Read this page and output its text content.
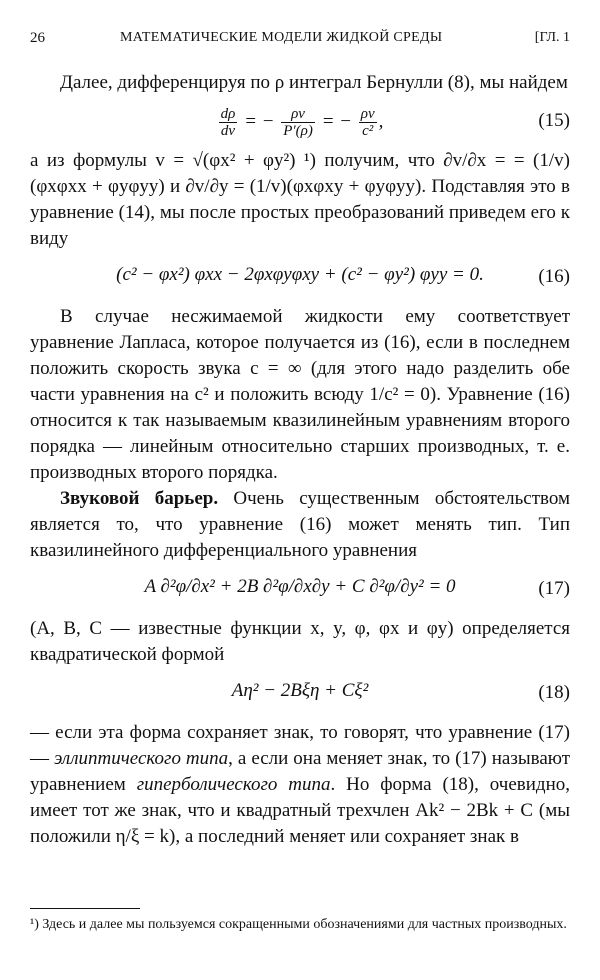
26	МАТЕМАТИЧЕСКИЕ МОДЕЛИ ЖИДКОЙ СРЕДЫ	[ГЛ. 1

Далее, дифференцируя по ρ интеграл Бернулли (8), мы найдем

$\frac{d\rho}{dv}$ = − $\frac{\rho v}{P'(\rho)}$ = − $\frac{\rho v}{\text{c²}}$ ,	(15)

а из формулы v = √(φx² + φy²) ¹) получим, что ∂v/∂x = = (1/v)(φxφxx + φyφyy) и ∂v/∂y = (1/v)(φxφxy + φyφyy). Подставляя это в уравнение (14), мы после простых преобразований приведем его к виду

(c² − φx²) φxx − 2φxφyφxy + (c² − φy²) φyy = 0.	(16)

В случае несжимаемой жидкости ему соответствует уравнение Лапласа, которое получается из (16), если в последнем положить скорость звука c = ∞ (для этого надо разделить обе части уравнения на c² и положить всюду 1/c² = 0). Уравнение (16) относится к так называемым квазилинейным уравнениям второго порядка — линейным относительно старших производных, т. е. производных второго порядка.

Звуковой барьер. Очень существенным обстоятельством является то, что уравнение (16) может менять тип. Тип квазилинейного дифференциального уравнения

A ∂²φ/∂x² + 2B ∂²φ/∂x∂y + C ∂²φ/∂y² = 0	(17)

(A, B, C — известные функции x, y, φ, φx и φy) определяется квадратической формой

Aη² − 2Bξη + Cξ²	(18)

— если эта форма сохраняет знак, то говорят, что уравнение (17) — эллиптического типа, а если она меняет знак, то (17) называют уравнением гиперболического типа. Но форма (18), очевидно, имеет тот же знак, что и квадратный трехчлен Ak² − 2Bk + C (мы положили η/ξ = k), а последний меняет или сохраняет знак в

¹) Здесь и далее мы пользуемся сокращенными обозначениями для частных производных.
